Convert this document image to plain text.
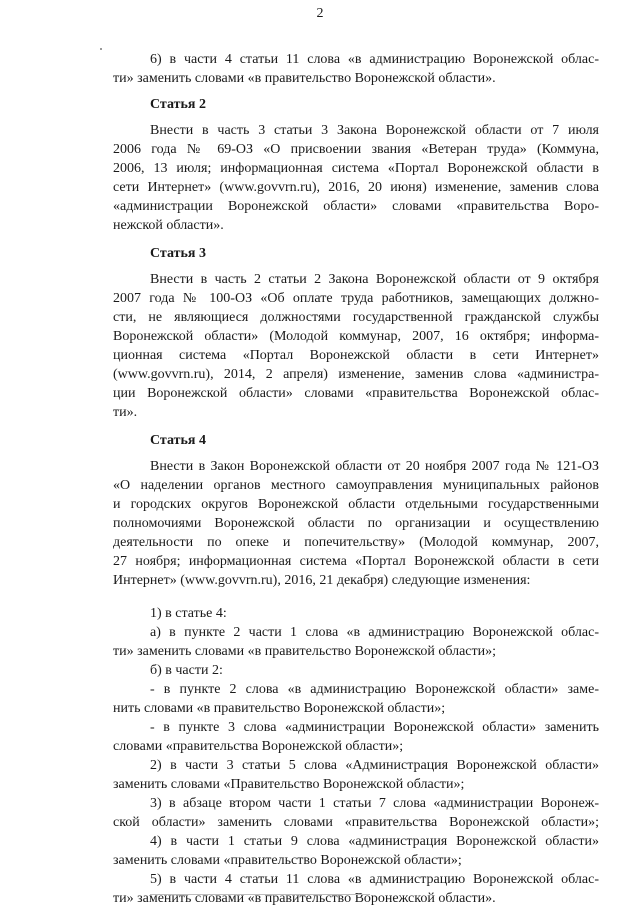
2
6) в части 4 статьи 11 слова «в администрацию Воронежской облас-
ти» заменить словами «в правительство Воронежской области».
Статья 2
Внести в часть 3 статьи 3 Закона Воронежской области от 7 июля
2006 года № 69-ОЗ «О присвоении звания «Ветеран труда» (Коммуна,
2006, 13 июля; информационная система «Портал Воронежской области в
сети Интернет» (www.govvrn.ru), 2016, 20 июня) изменение, заменив слова
«администрации Воронежской области» словами «правительства Воро-
нежской области».
Статья 3
Внести в часть 2 статьи 2 Закона Воронежской области от 9 октября
2007 года № 100-ОЗ «Об оплате труда работников, замещающих должно-
сти, не являющиеся должностями государственной гражданской службы
Воронежской области» (Молодой коммунар, 2007, 16 октября; информа-
ционная система «Портал Воронежской области в сети Интернет»
(www.govvrn.ru), 2014, 2 апреля) изменение, заменив слова «администра-
ции Воронежской области» словами «правительства Воронежской облас-
ти».
Статья 4
Внести в Закон Воронежской области от 20 ноября 2007 года № 121-ОЗ
«О наделении органов местного самоуправления муниципальных районов
и городских округов Воронежской области отдельными государственными
полномочиями Воронежской области по организации и осуществлению
деятельности по опеке и попечительству» (Молодой коммунар, 2007,
27 ноября; информационная система «Портал Воронежской области в сети
Интернет» (www.govvrn.ru), 2016, 21 декабря) следующие изменения:
1) в статье 4:
а) в пункте 2 части 1 слова «в администрацию Воронежской облас-
ти» заменить словами «в правительство Воронежской области»;
б) в части 2:
- в пункте 2 слова «в администрацию Воронежской области» заме-
нить словами «в правительство Воронежской области»;
- в пункте 3 слова «администрации Воронежской области» заменить
словами «правительства Воронежской области»;
2) в части 3 статьи 5 слова «Администрация Воронежской области»
заменить словами «Правительство Воронежской области»;
3) в абзаце втором части 1 статьи 7 слова «администрации Воронеж-
ской области» заменить словами «правительства Воронежской области»;
4) в части 1 статьи 9 слова «администрация Воронежской области»
заменить словами «правительство Воронежской области»;
5) в части 4 статьи 11 слова «в администрацию Воронежской облас-
ти» заменить словами «в правительство Воронежской области».
